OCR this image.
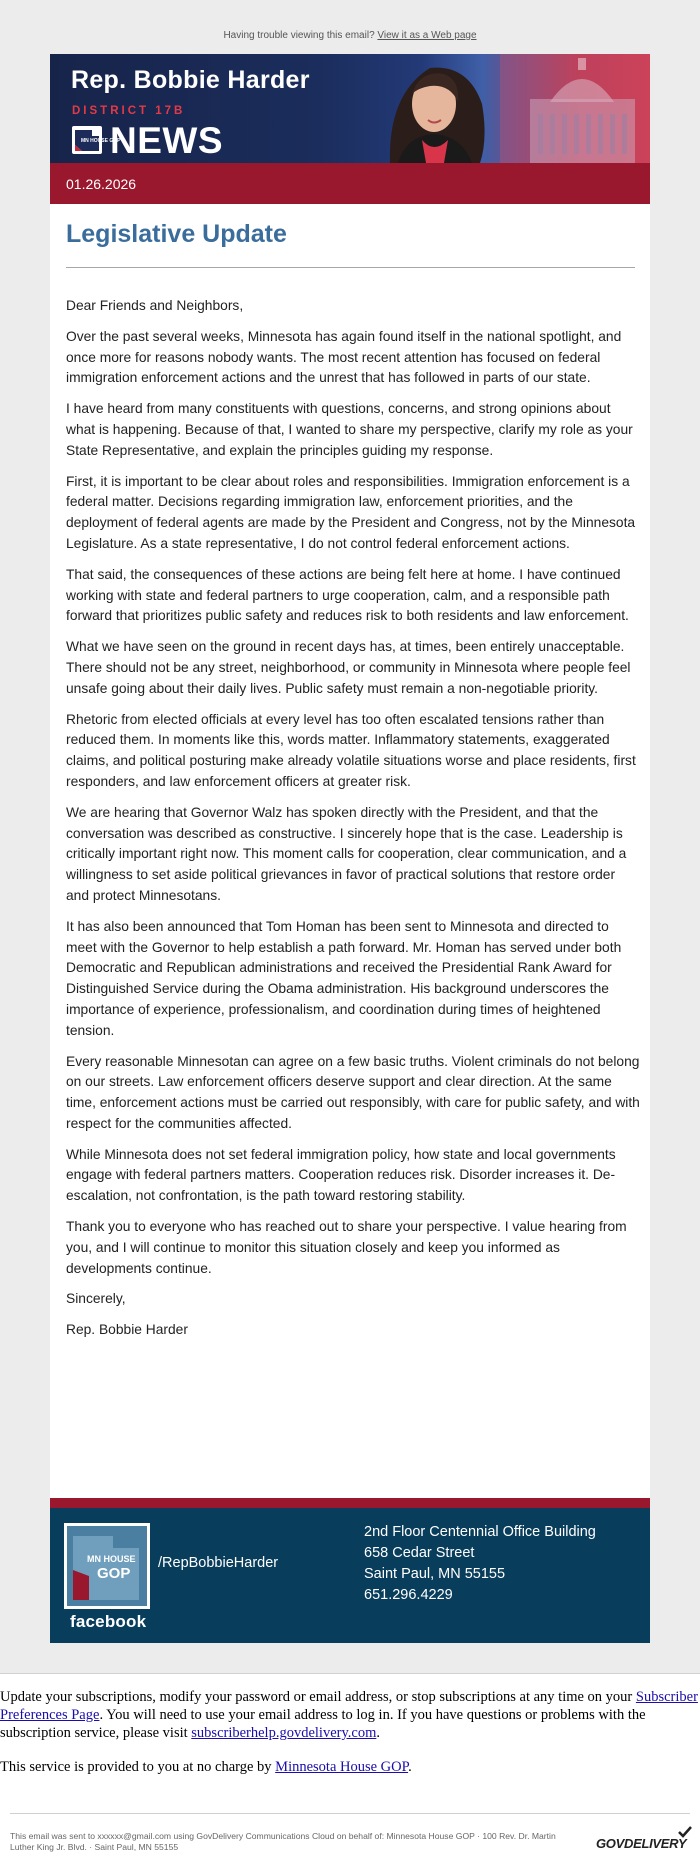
Having trouble viewing this email? View it as a Web page
Rep. Bobbie Harder
DISTRICT 17B
MN HOUSE GOP
NEWS
01.26.2026
Legislative Update

Dear Friends and Neighbors,

Over the past several weeks, Minnesota has again found itself in the national spotlight, and once more for reasons nobody wants. The most recent attention has focused on federal immigration enforcement actions and the unrest that has followed in parts of our state.

I have heard from many constituents with questions, concerns, and strong opinions about what is happening. Because of that, I wanted to share my perspective, clarify my role as your State Representative, and explain the principles guiding my response.

First, it is important to be clear about roles and responsibilities. Immigration enforcement is a federal matter. Decisions regarding immigration law, enforcement priorities, and the deployment of federal agents are made by the President and Congress, not by the Minnesota Legislature. As a state representative, I do not control federal enforcement actions.

That said, the consequences of these actions are being felt here at home. I have continued working with state and federal partners to urge cooperation, calm, and a responsible path forward that prioritizes public safety and reduces risk to both residents and law enforcement.

What we have seen on the ground in recent days has, at times, been entirely unacceptable. There should not be any street, neighborhood, or community in Minnesota where people feel unsafe going about their daily lives. Public safety must remain a non-negotiable priority.

Rhetoric from elected officials at every level has too often escalated tensions rather than reduced them. In moments like this, words matter. Inflammatory statements, exaggerated claims, and political posturing make already volatile situations worse and place residents, first responders, and law enforcement officers at greater risk.

We are hearing that Governor Walz has spoken directly with the President, and that the conversation was described as constructive. I sincerely hope that is the case. Leadership is critically important right now. This moment calls for cooperation, clear communication, and a willingness to set aside political grievances in favor of practical solutions that restore order and protect Minnesotans.

It has also been announced that Tom Homan has been sent to Minnesota and directed to meet with the Governor to help establish a path forward. Mr. Homan has served under both Democratic and Republican administrations and received the Presidential Rank Award for Distinguished Service during the Obama administration. His background underscores the importance of experience, professionalism, and coordination during times of heightened tension.

Every reasonable Minnesotan can agree on a few basic truths. Violent criminals do not belong on our streets. Law enforcement officers deserve support and clear direction. At the same time, enforcement actions must be carried out responsibly, with care for public safety, and with respect for the communities affected.

While Minnesota does not set federal immigration policy, how state and local governments engage with federal partners matters. Cooperation reduces risk. Disorder increases it. De-escalation, not confrontation, is the path toward restoring stability.

Thank you to everyone who has reached out to share your perspective. I value hearing from you, and I will continue to monitor this situation closely and keep you informed as developments continue.

Sincerely,

Rep. Bobbie Harder

MN HOUSE
GOP
facebook
/RepBobbieHarder
2nd Floor Centennial Office Building
658 Cedar Street
Saint Paul, MN 55155
651.296.4229

Update your subscriptions, modify your password or email address, or stop subscriptions at any time on your Subscriber Preferences Page. You will need to use your email address to log in. If you have questions or problems with the subscription service, please visit subscriberhelp.govdelivery.com.

This service is provided to you at no charge by Minnesota House GOP.

This email was sent to xxxxxx@gmail.com using GovDelivery Communications Cloud on behalf of: Minnesota House GOP · 100 Rev. Dr. Martin Luther King Jr. Blvd. · Saint Paul, MN 55155	GOVDELIVERY
